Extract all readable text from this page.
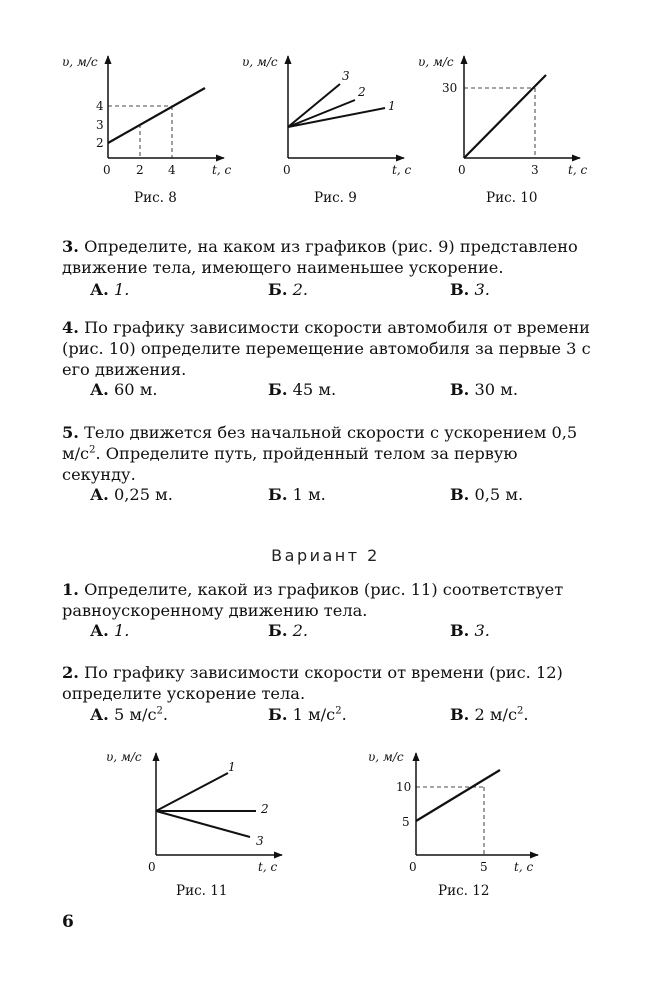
υ, м/с
t, с
0
4
3
2
2 4
Рис. 8
υ, м/с
t, с
0
3
2
1
Рис. 9
υ, м/с
t, с
0
30
3
Рис. 10

3. Определите, на каком из графиков (рис. 9) представлено движение тела, имеющего наименьшее ускорение.

А. 1.	Б. 2.	В. 3.

4. По графику зависимости скорости автомобиля от времени (рис. 10) определите перемещение автомобиля за первые 3 с его движения.

А. 60 м.	Б. 45 м.	В. 30 м.

5. Тело движется без начальной скорости с ускорением 0,5 $м/с^2$. Определите путь, пройденный телом за первую секунду.

А. 0,25 м.	Б. 1 м.	В. 0,5 м.
Вариант 2

1. Определите, какой из графиков (рис. 11) соответствует равноускоренному движению тела.

А. 1.	Б. 2.	В. 3.

2. По графику зависимости скорости от времени (рис. 12) определите ускорение тела.

А. 5 $м/с^2$.	Б. 1 $м/с^2$.	В. 2 $м/с^2$.
υ, м/с
t, с
0
1
2
3
Рис. 11
υ, м/с
t, с
0
10
5
5
Рис. 12
6
